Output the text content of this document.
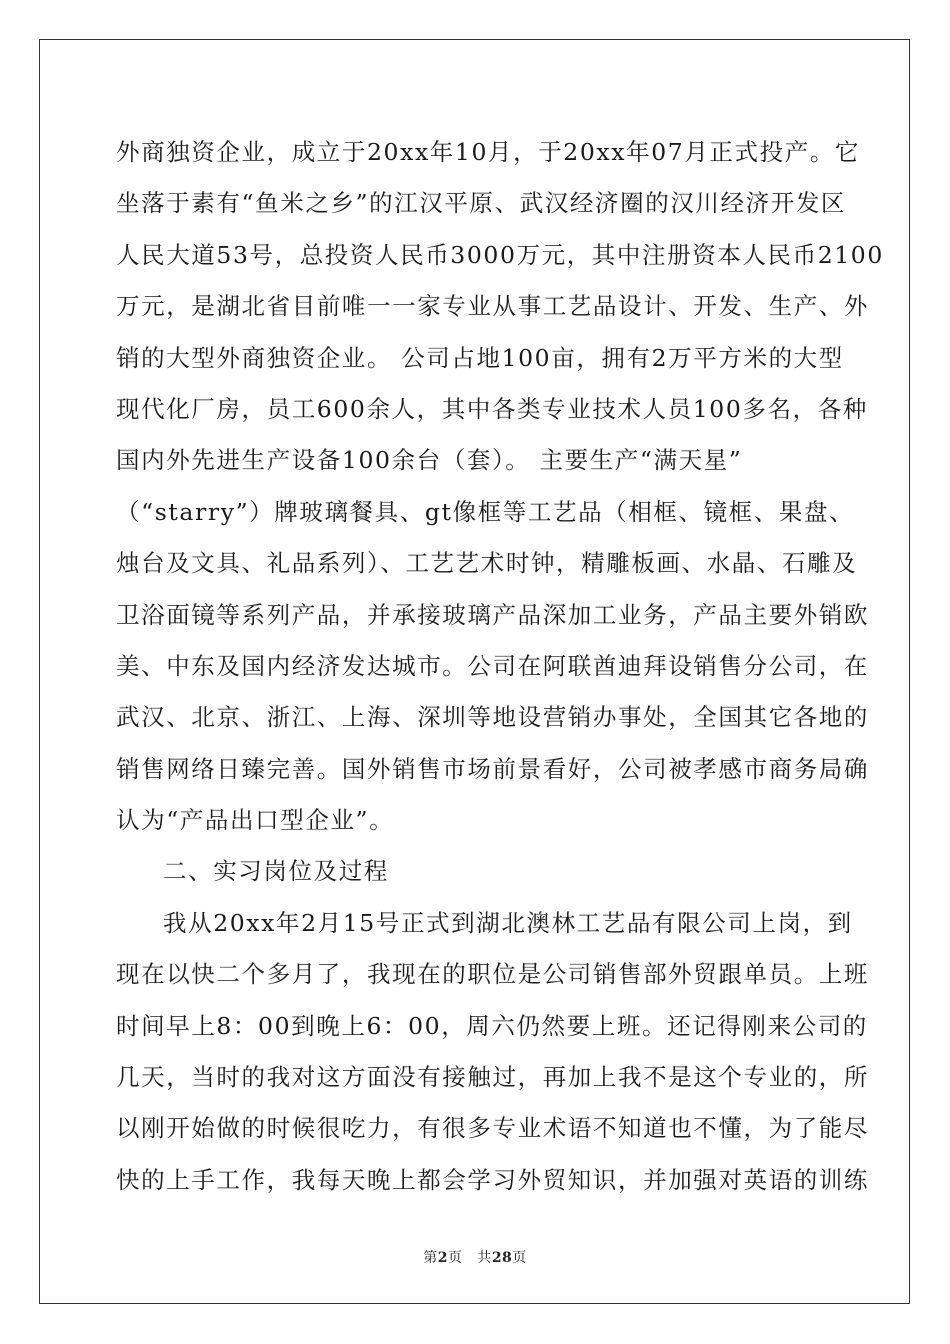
外商独资企业，成立于20xx年10月，于20xx年07月正式投产。它
坐落于素有“鱼米之乡”的江汉平原、武汉经济圈的汉川经济开发区
人民大道53号，总投资人民币3000万元，其中注册资本人民币2100
万元，是湖北省目前唯一一家专业从事工艺品设计、开发、生产、外
销的大型外商独资企业。 公司占地100亩，拥有2万平方米的大型
现代化厂房，员工600余人，其中各类专业技术人员100多名，各种
国内外先进生产设备100余台（套）。 主要生产“满天星”
（“starry”）牌玻璃餐具、gt像框等工艺品（相框、镜框、果盘、
烛台及文具、礼品系列）、工艺艺术时钟，精雕板画、水晶、石雕及
卫浴面镜等系列产品，并承接玻璃产品深加工业务，产品主要外销欧
美、中东及国内经济发达城市。公司在阿联酋迪拜设销售分公司，在
武汉、北京、浙江、上海、深圳等地设营销办事处，全国其它各地的
销售网络日臻完善。国外销售市场前景看好，公司被孝感市商务局确
认为“产品出口型企业”。
二、实习岗位及过程
我从20xx年2月15号正式到湖北澳林工艺品有限公司上岗，到
现在以快二个多月了，我现在的职位是公司销售部外贸跟单员。上班
时间早上8：00到晚上6：00，周六仍然要上班。还记得刚来公司的
几天，当时的我对这方面没有接触过，再加上我不是这个专业的，所
以刚开始做的时候很吃力，有很多专业术语不知道也不懂，为了能尽
快的上手工作，我每天晚上都会学习外贸知识，并加强对英语的训练
第2页   共28页
